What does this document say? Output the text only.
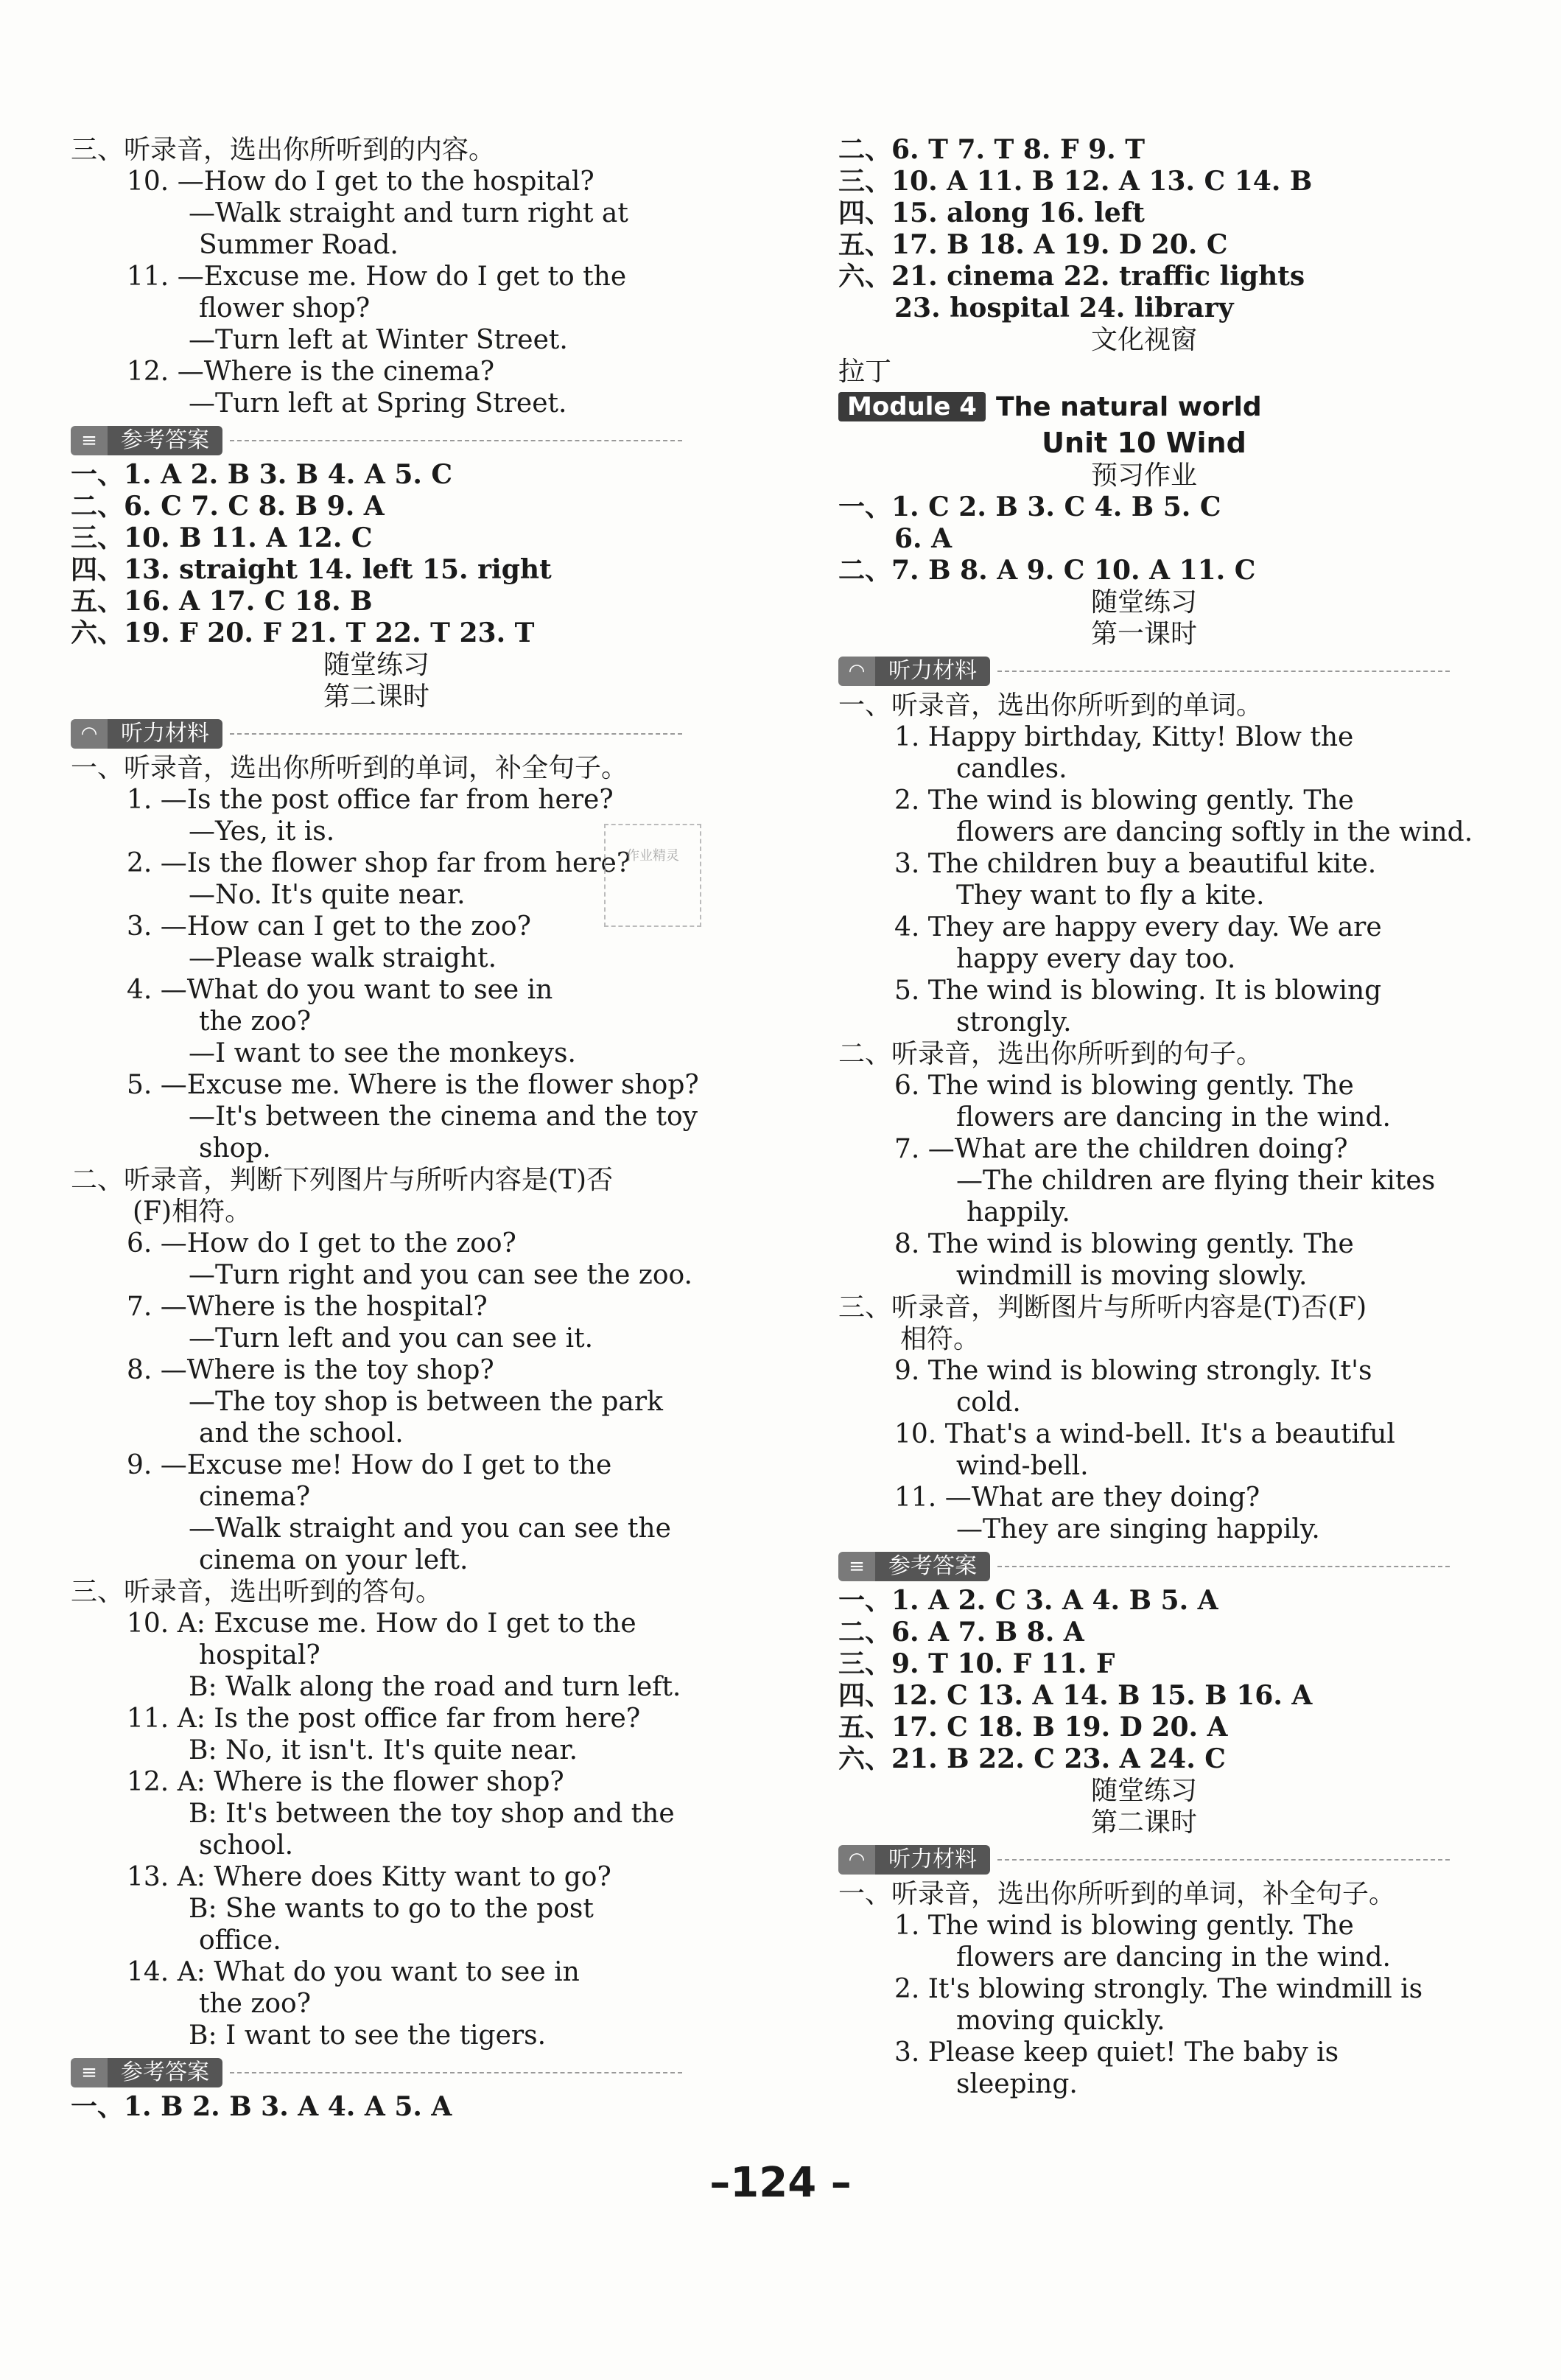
三、听录音，选出你所听到的内容。
10. —How do I get to the hospital?
—Walk straight and turn right at
Summer Road.
11. —Excuse me. How do I get to the
flower shop?
—Turn left at Winter Street.
12. —Where is the cinema?
—Turn left at Spring Street.
≡	参考答案
一、1. A 2. B 3. B 4. A 5. C
二、6. C 7. C 8. B 9. A
三、10. B 11. A 12. C
四、13. straight 14. left 15. right
五、16. A 17. C 18. B
六、19. F 20. F 21. T 22. T 23. T
随堂练习
第二课时
◠	听力材料
一、听录音，选出你所听到的单词，补全句子。
1. —Is the post office far from here?
—Yes, it is.
2. —Is the flower shop far from here?
—No. It's quite near.
3. —How can I get to the zoo?
—Please walk straight.
4. —What do you want to see in
the zoo?
—I want to see the monkeys.
5. —Excuse me. Where is the flower shop?
—It's between the cinema and the toy
shop.
二、听录音，判断下列图片与所听内容是(T)否
(F)相符。
6. —How do I get to the zoo?
—Turn right and you can see the zoo.
7. —Where is the hospital?
—Turn left and you can see it.
8. —Where is the toy shop?
—The toy shop is between the park
and the school.
9. —Excuse me! How do I get to the
cinema?
—Walk straight and you can see the
cinema on your left.
三、听录音，选出听到的答句。
10. A: Excuse me. How do I get to the
hospital?
B: Walk along the road and turn left.
11. A: Is the post office far from here?
B: No, it isn't. It's quite near.
12. A: Where is the flower shop?
B: It's between the toy shop and the
school.
13. A: Where does Kitty want to go?
B: She wants to go to the post
office.
14. A: What do you want to see in
the zoo?
B: I want to see the tigers.
≡	参考答案
一、1. B 2. B 3. A 4. A 5. A
二、6. T 7. T 8. F 9. T
三、10. A 11. B 12. A 13. C 14. B
四、15. along 16. left
五、17. B 18. A 19. D 20. C
六、21. cinema 22. traffic lights
23. hospital 24. library
文化视窗
拉丁
Module 4 The natural world
Unit 10 Wind
预习作业
一、1. C 2. B 3. C 4. B 5. C
6. A
二、7. B 8. A 9. C 10. A 11. C
随堂练习
第一课时
◠	听力材料
一、听录音，选出你所听到的单词。
1. Happy birthday, Kitty! Blow the
candles.
2. The wind is blowing gently. The
flowers are dancing softly in the wind.
3. The children buy a beautiful kite.
They want to fly a kite.
4. They are happy every day. We are
happy every day too.
5. The wind is blowing. It is blowing
strongly.
二、听录音，选出你所听到的句子。
6. The wind is blowing gently. The
flowers are dancing in the wind.
7. —What are the children doing?
—The children are flying their kites
happily.
8. The wind is blowing gently. The
windmill is moving slowly.
三、听录音，判断图片与所听内容是(T)否(F)
相符。
9. The wind is blowing strongly. It's
cold.
10. That's a wind-bell. It's a beautiful
wind-bell.
11. —What are they doing?
—They are singing happily.
≡	参考答案
一、1. A 2. C 3. A 4. B 5. A
二、6. A 7. B 8. A
三、9. T 10. F 11. F
四、12. C 13. A 14. B 15. B 16. A
五、17. C 18. B 19. D 20. A
六、21. B 22. C 23. A 24. C
随堂练习
第二课时
◠	听力材料
一、听录音，选出你所听到的单词，补全句子。
1. The wind is blowing gently. The
flowers are dancing in the wind.
2. It's blowing strongly. The windmill is
moving quickly.
3. Please keep quiet! The baby is
sleeping.
作业精灵
–124 –
